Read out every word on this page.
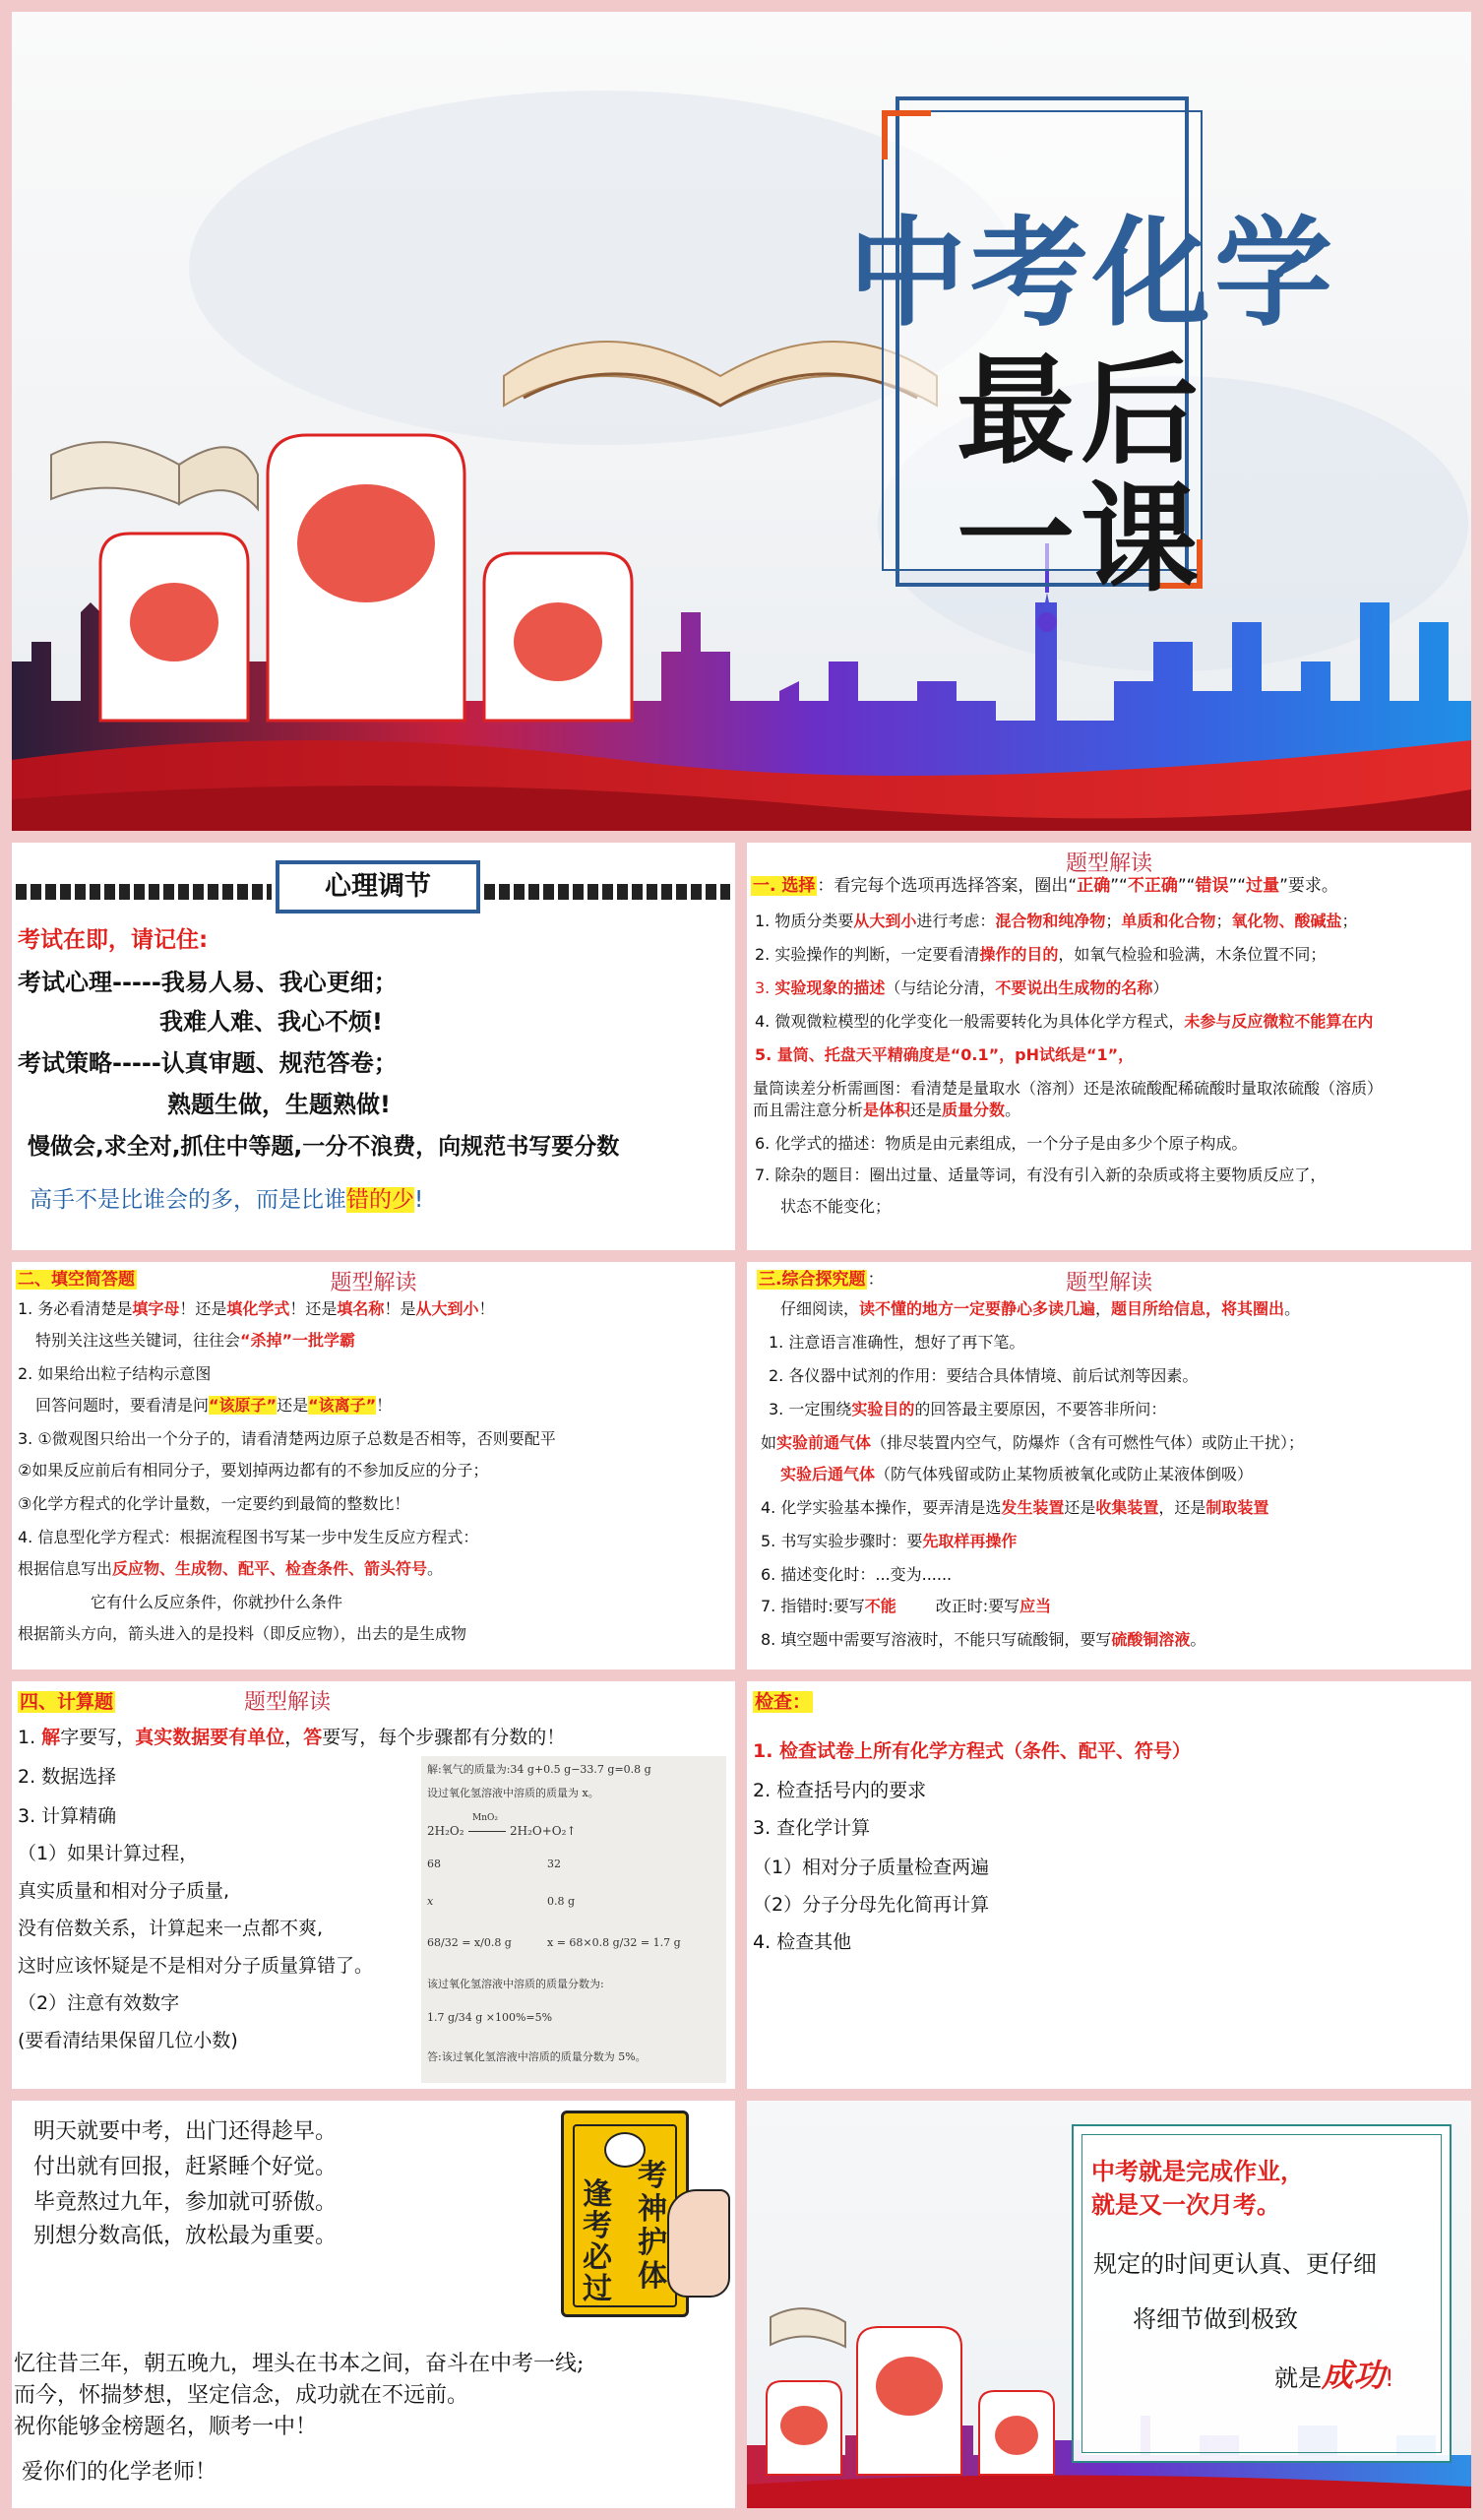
中考化学
最后
一课
心理调节
考试在即，请记住:
考试心理-----我易人易、我心更细；
我难人难、我心不烦!
考试策略-----认真审题、规范答卷；
熟题生做，生题熟做!
慢做会,求全对,抓住中等题,一分不浪费，向规范书写要分数
高手不是比谁会的多，而是比谁错的少!
题型解读
一. 选择 ：看完每个选项再选择答案，圈出“正确”“不正确”“错误”“过量”要求。
1. 物质分类要从大到小进行考虑：混合物和纯净物；单质和化合物；氧化物、酸碱盐；
2. 实验操作的判断，一定要看清操作的目的，如氧气检验和验满，木条位置不同；
3. 实验现象的描述（与结论分清，不要说出生成物的名称）
4. 微观微粒模型的化学变化一般需要转化为具体化学方程式，未参与反应微粒不能算在内
5. 量筒、托盘天平精确度是“0.1”，pH试纸是“1”，
量筒读差分析需画图：看清楚是量取水（溶剂）还是浓硫酸配稀硫酸时量取浓硫酸（溶质）
而且需注意分析是体积还是质量分数。
6. 化学式的描述：物质是由元素组成，一个分子是由多少个原子构成。
7. 除杂的题目：圈出过量、适量等词，有没有引入新的杂质或将主要物质反应了，
状态不能变化；
二、填空简答题	题型解读
1. 务必看清楚是填字母！还是填化学式！还是填名称！是从大到小！
特别关注这些关键词，往往会“杀掉”一批学霸
2. 如果给出粒子结构示意图
回答问题时，要看清是问“该原子”还是“该离子”！
3. ①微观图只给出一个分子的，请看清楚两边原子总数是否相等，否则要配平
②如果反应前后有相同分子，要划掉两边都有的不参加反应的分子；
③化学方程式的化学计量数，一定要约到最简的整数比！
4. 信息型化学方程式：根据流程图书写某一步中发生反应方程式：
根据信息写出反应物、生成物、配平、检查条件、箭头符号。
它有什么反应条件，你就抄什么条件
根据箭头方向，箭头进入的是投料（即反应物），出去的是生成物
三.综合探究题 ：	题型解读
仔细阅读，读不懂的地方一定要静心多读几遍，题目所给信息，将其圈出。
1. 注意语言准确性，想好了再下笔。
2. 各仪器中试剂的作用：要结合具体情境、前后试剂等因素。
3. 一定围绕实验目的的回答最主要原因，不要答非所问：
如实验前通气体（排尽装置内空气，防爆炸（含有可燃性气体）或防止干扰）；
实验后通气体（防气体残留或防止某物质被氧化或防止某液体倒吸）
4. 化学实验基本操作，要弄清是选发生装置还是收集装置，还是制取装置
5. 书写实验步骤时：要先取样再操作
6. 描述变化时：...变为......
7. 指错时:要写不能	改正时:要写应当
8. 填空题中需要写溶液时，不能只写硫酸铜，要写硫酸铜溶液。
四、计算题	题型解读
1. 解字要写，真实数据要有单位，答要写，每个步骤都有分数的！
2. 数据选择
3. 计算精确
（1）如果计算过程，
真实质量和相对分子质量,
没有倍数关系，计算起来一点都不爽,
这时应该怀疑是不是相对分子质量算错了。
（2）注意有效数字
(要看清结果保留几位小数)
解:氧气的质量为:34 g+0.5 g−33.7 g=0.8 g
设过氧化氢溶液中溶质的质量为 x。
2H₂O₂
MnO₂
2H₂O+O₂↑
68	32
x	0.8 g
68/32 = x/0.8 g	x = 68×0.8 g/32 = 1.7 g
该过氧化氢溶液中溶质的质量分数为:
1.7 g/34 g ×100%=5%
答:该过氧化氢溶液中溶质的质量分数为 5%。
检查：
1. 检查试卷上所有化学方程式（条件、配平、符号）
2. 检查括号内的要求
3. 查化学计算
（1）相对分子质量检查两遍
（2）分子分母先化简再计算
4. 检查其他
明天就要中考，出门还得趁早。
付出就有回报，赶紧睡个好觉。
毕竟熬过九年，参加就可骄傲。
别想分数高低，放松最为重要。
逢考必过
考神护体
忆往昔三年，朝五晚九，埋头在书本之间，奋斗在中考一线;
而今，怀揣梦想，坚定信念，成功就在不远前。
祝你能够金榜题名，顺考一中！
爱你们的化学老师！
中考就是完成作业，
就是又一次月考。
规定的时间更认真、更仔细
将细节做到极致
就是成功!
